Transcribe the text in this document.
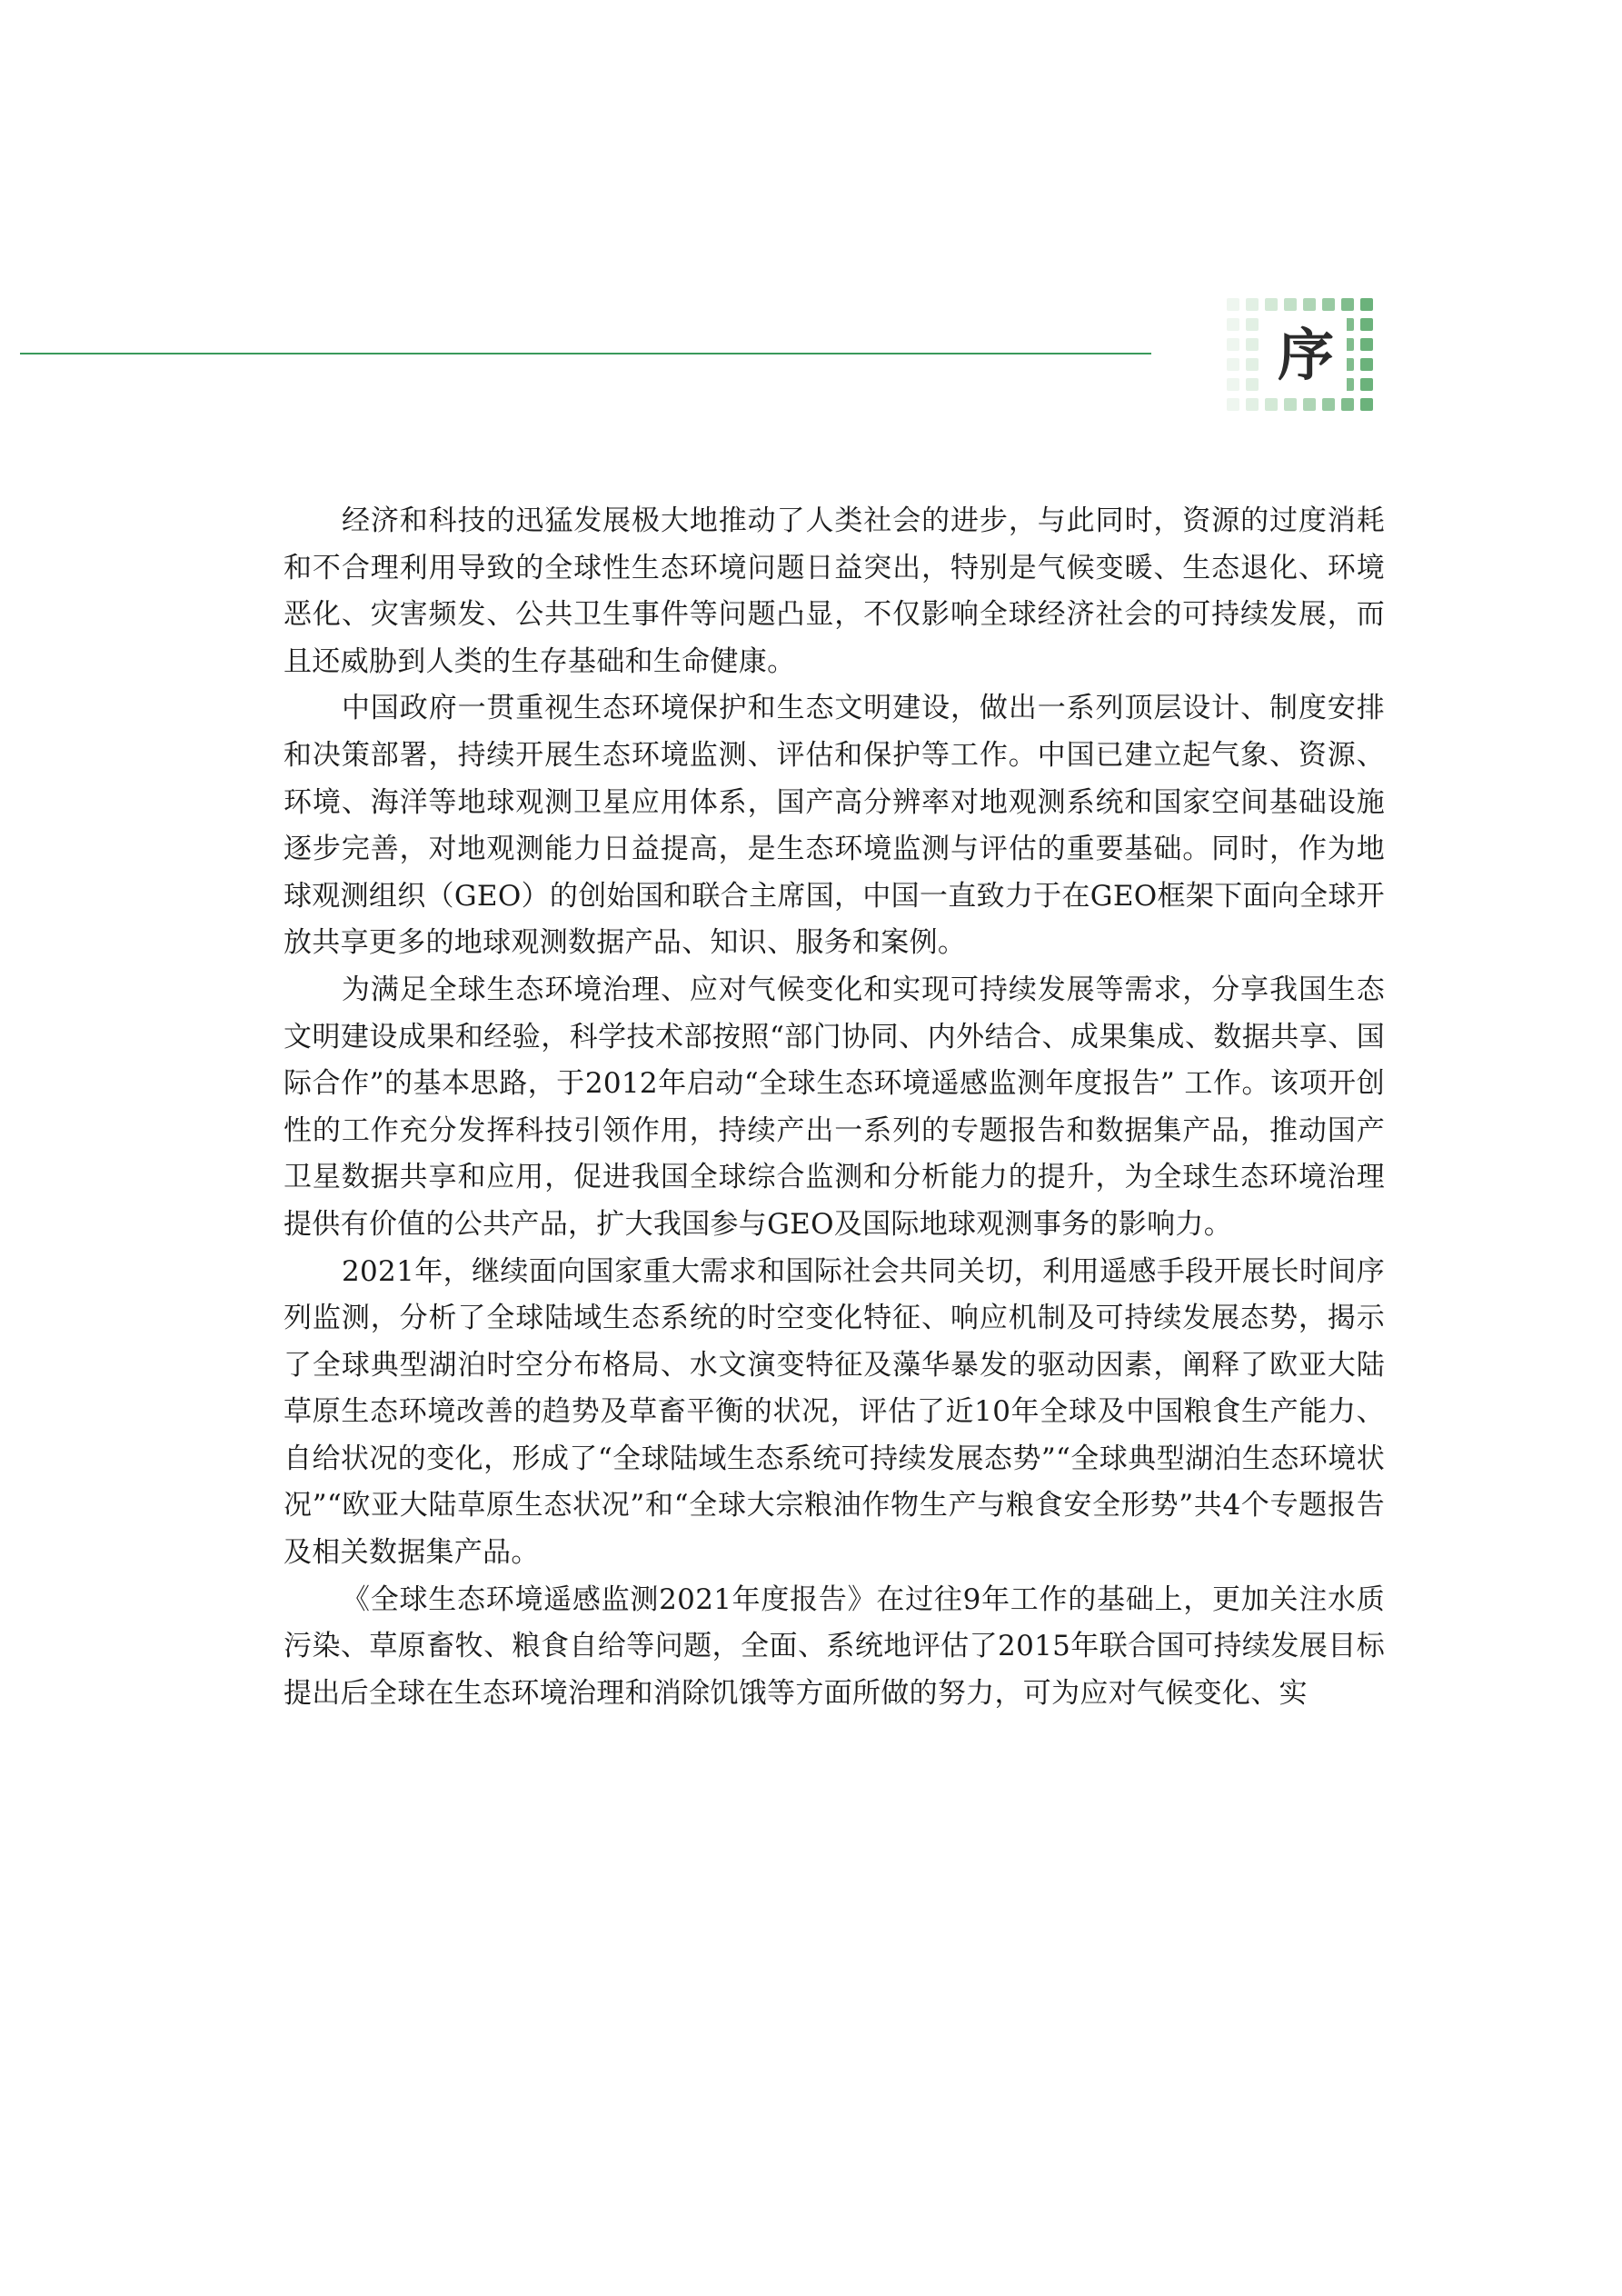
序

经济和科技的迅猛发展极大地推动了人类社会的进步，与此同时，资源的过度消耗和不合理利用导致的全球性生态环境问题日益突出，特别是气候变暖、生态退化、环境恶化、灾害频发、公共卫生事件等问题凸显，不仅影响全球经济社会的可持续发展，而且还威胁到人类的生存基础和生命健康。

中国政府一贯重视生态环境保护和生态文明建设，做出一系列顶层设计、制度安排和决策部署，持续开展生态环境监测、评估和保护等工作。中国已建立起气象、资源、环境、海洋等地球观测卫星应用体系，国产高分辨率对地观测系统和国家空间基础设施逐步完善，对地观测能力日益提高，是生态环境监测与评估的重要基础。同时，作为地球观测组织（GEO）的创始国和联合主席国，中国一直致力于在GEO框架下面向全球开放共享更多的地球观测数据产品、知识、服务和案例。

为满足全球生态环境治理、应对气候变化和实现可持续发展等需求，分享我国生态文明建设成果和经验，科学技术部按照“部门协同、内外结合、成果集成、数据共享、国际合作”的基本思路，于2012年启动“全球生态环境遥感监测年度报告” 工作。该项开创性的工作充分发挥科技引领作用，持续产出一系列的专题报告和数据集产品，推动国产卫星数据共享和应用，促进我国全球综合监测和分析能力的提升，为全球生态环境治理提供有价值的公共产品，扩大我国参与GEO及国际地球观测事务的影响力。

2021年，继续面向国家重大需求和国际社会共同关切，利用遥感手段开展长时间序列监测，分析了全球陆域生态系统的时空变化特征、响应机制及可持续发展态势，揭示了全球典型湖泊时空分布格局、水文演变特征及藻华暴发的驱动因素，阐释了欧亚大陆草原生态环境改善的趋势及草畜平衡的状况，评估了近10年全球及中国粮食生产能力、自给状况的变化，形成了“全球陆域生态系统可持续发展态势”“全球典型湖泊生态环境状况”“欧亚大陆草原生态状况”和“全球大宗粮油作物生产与粮食安全形势”共4个专题报告及相关数据集产品。

《全球生态环境遥感监测2021年度报告》在过往9年工作的基础上，更加关注水质污染、草原畜牧、粮食自给等问题，全面、系统地评估了2015年联合国可持续发展目标提出后全球在生态环境治理和消除饥饿等方面所做的努力，可为应对气候变化、实
